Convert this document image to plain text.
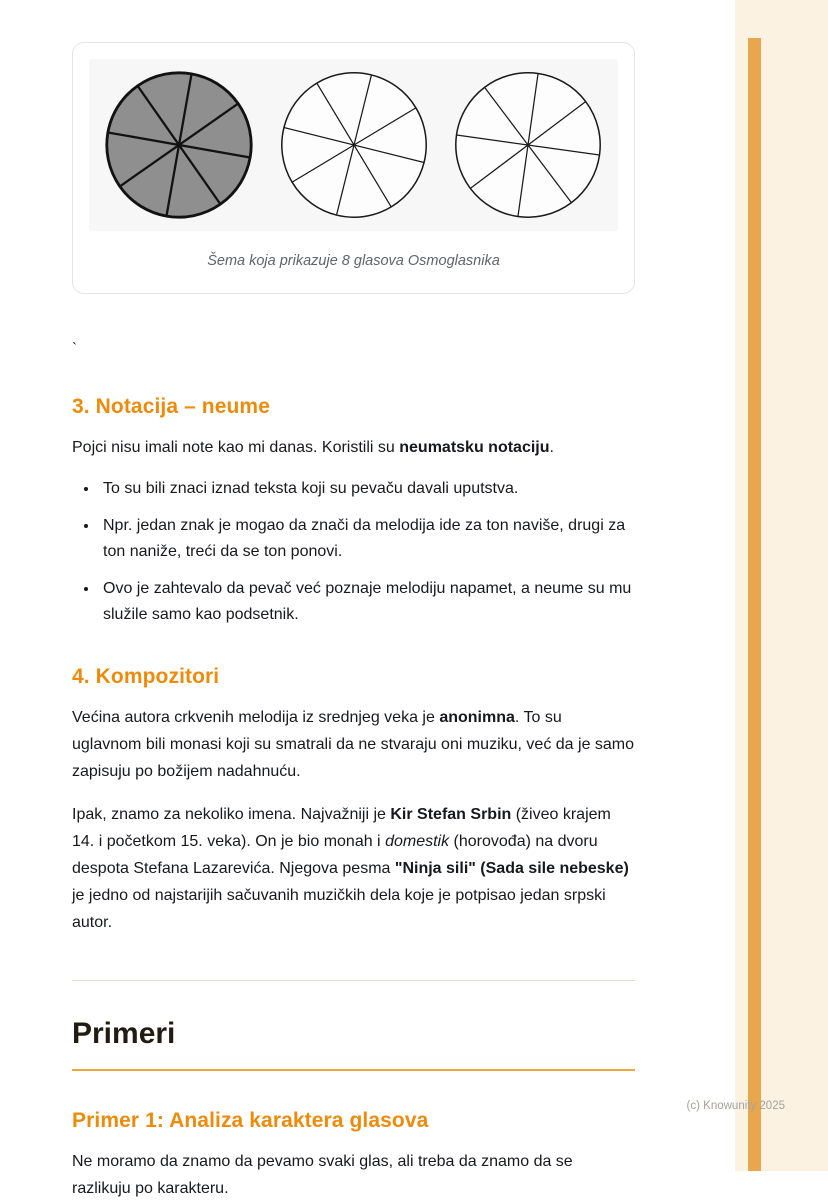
Šema koja prikazuje 8 glasova Osmoglasnika

`

3. Notacija – neume

Pojci nisu imali note kao mi danas. Koristili su neumatsku notaciju.

• To su bili znaci iznad teksta koji su pevaču davali uputstva.
• Npr. jedan znak je mogao da znači da melodija ide za ton naviše, drugi za ton naniže, treći da se ton ponovi.
• Ovo je zahtevalo da pevač već poznaje melodiju napamet, a neume su mu služile samo kao podsetnik.
4. Kompozitori

Većina autora crkvenih melodija iz srednjeg veka je anonimna. To su uglavnom bili monasi koji su smatrali da ne stvaraju oni muziku, već da je samo zapisuju po božijem nadahnuću.

Ipak, znamo za nekoliko imena. Najvažniji je Kir Stefan Srbin (živeo krajem 14. i početkom 15. veka). On je bio monah i domestik (horovođa) na dvoru despota Stefana Lazarevića. Njegova pesma "Ninja sili" (Sada sile nebeske) je jedno od najstarijih sačuvanih muzičkih dela koje je potpisao jedan srpski autor.

Primeri
Primer 1: Analiza karaktera glasova

Ne moramo da znamo da pevamo svaki glas, ali treba da znamo da se razlikuju po karakteru.

(c) Knowunity 2025
